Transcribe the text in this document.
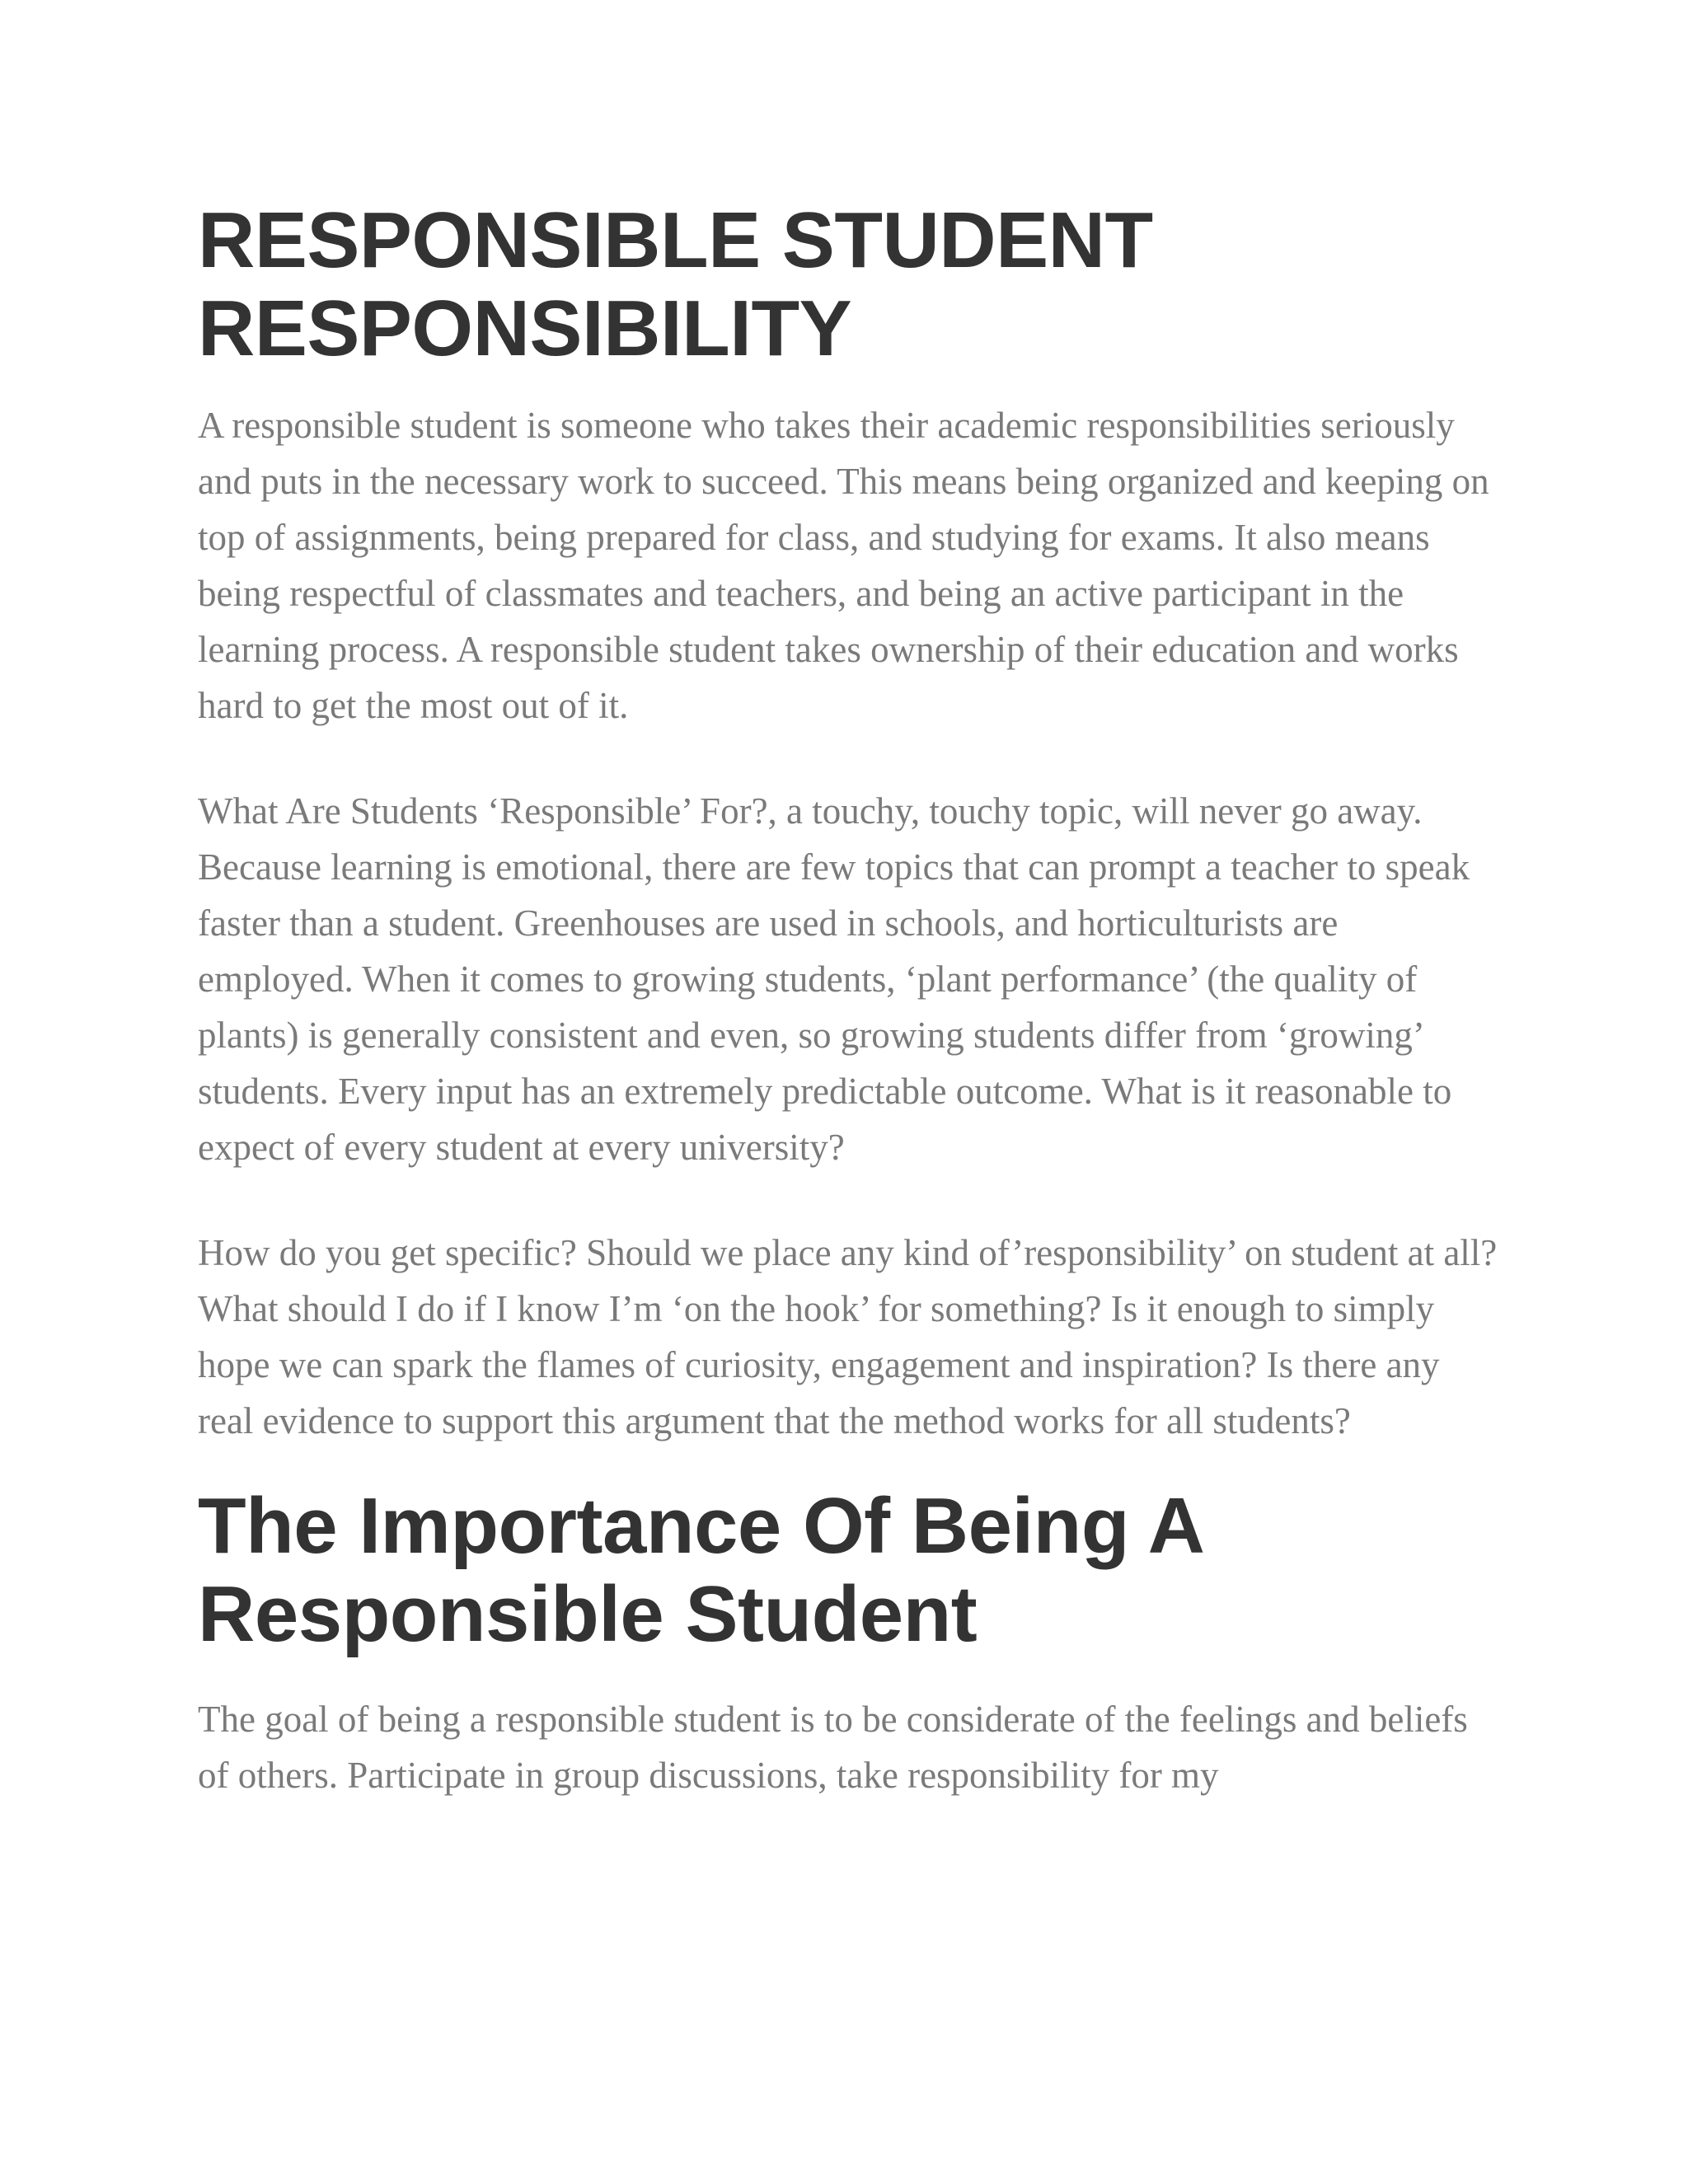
RESPONSIBLE STUDENT RESPONSIBILITY

A responsible student is someone who takes their academic responsibilities seriously and puts in the necessary work to succeed. This means being organized and keeping on top of assignments, being prepared for class, and studying for exams. It also means being respectful of classmates and teachers, and being an active participant in the learning process. A responsible student takes ownership of their education and works hard to get the most out of it.

What Are Students ‘Responsible’ For?, a touchy, touchy topic, will never go away. Because learning is emotional, there are few topics that can prompt a teacher to speak faster than a student. Greenhouses are used in schools, and horticulturists are employed. When it comes to growing students, ‘plant performance’ (the quality of plants) is generally consistent and even, so growing students differ from ‘growing’ students. Every input has an extremely predictable outcome. What is it reasonable to expect of every student at every university?

How do you get specific? Should we place any kind of’responsibility’ on student at all? What should I do if I know I’m ‘on the hook’ for something? Is it enough to simply hope we can spark the flames of curiosity, engagement and inspiration? Is there any real evidence to support this argument that the method works for all students?

The Importance Of Being A Responsible Student

The goal of being a responsible student is to be considerate of the feelings and beliefs of others. Participate in group discussions, take responsibility for my
